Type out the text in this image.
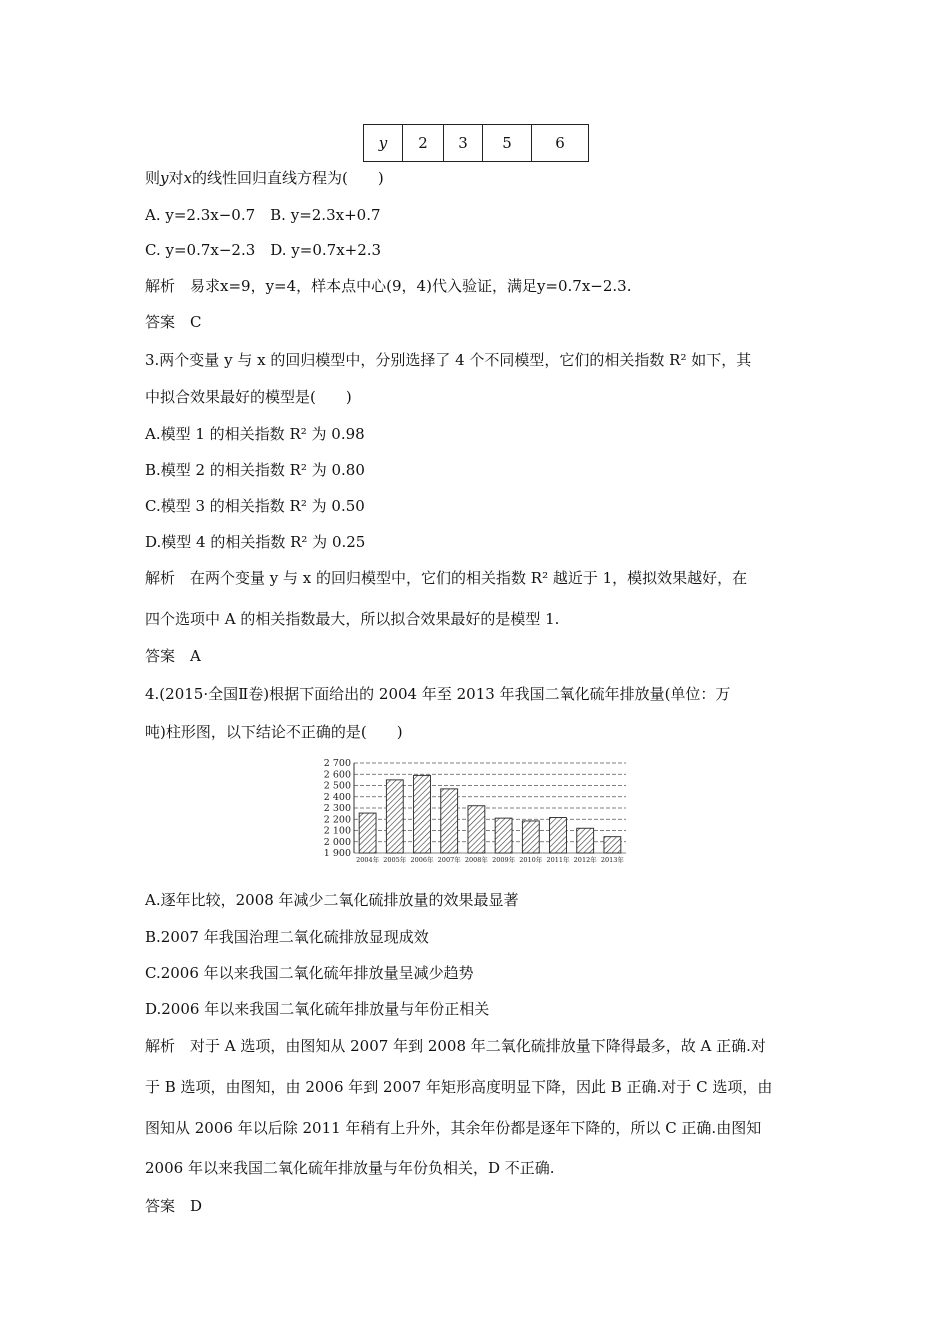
y	2	3	5	6
则y对x的线性回归直线方程为(　　)
A. y=2.3x−0.7　B. y=2.3x+0.7
C. y=0.7x−2.3　D. y=0.7x+2.3
解析　易求x=9，y=4，样本点中心(9，4)代入验证，满足y=0.7x−2.3.
答案　C
3.两个变量 y 与 x 的回归模型中，分别选择了 4 个不同模型，它们的相关指数 R² 如下，其
中拟合效果最好的模型是(　　)
A.模型 1 的相关指数 R² 为 0.98
B.模型 2 的相关指数 R² 为 0.80
C.模型 3 的相关指数 R² 为 0.50
D.模型 4 的相关指数 R² 为 0.25
解析　在两个变量 y 与 x 的回归模型中，它们的相关指数 R² 越近于 1，模拟效果越好，在
四个选项中 A 的相关指数最大，所以拟合效果最好的是模型 1.
答案　A
4.(2015·全国Ⅱ卷)根据下面给出的 2004 年至 2013 年我国二氧化硫年排放量(单位：万
吨)柱形图，以下结论不正确的是(　　)
1 900
2 000
2 100
2 200
2 300
2 400
2 500
2 600
2 700
2004年 2005年 2006年 2007年 2008年 2009年 2010年 2011年 2012年 2013年
A.逐年比较，2008 年减少二氧化硫排放量的效果最显著
B.2007 年我国治理二氧化硫排放显现成效
C.2006 年以来我国二氧化硫年排放量呈减少趋势
D.2006 年以来我国二氧化硫年排放量与年份正相关
解析　对于 A 选项，由图知从 2007 年到 2008 年二氧化硫排放量下降得最多，故 A 正确.对
于 B 选项，由图知，由 2006 年到 2007 年矩形高度明显下降，因此 B 正确.对于 C 选项，由
图知从 2006 年以后除 2011 年稍有上升外，其余年份都是逐年下降的，所以 C 正确.由图知
2006 年以来我国二氧化硫年排放量与年份负相关，D 不正确.
答案　D
